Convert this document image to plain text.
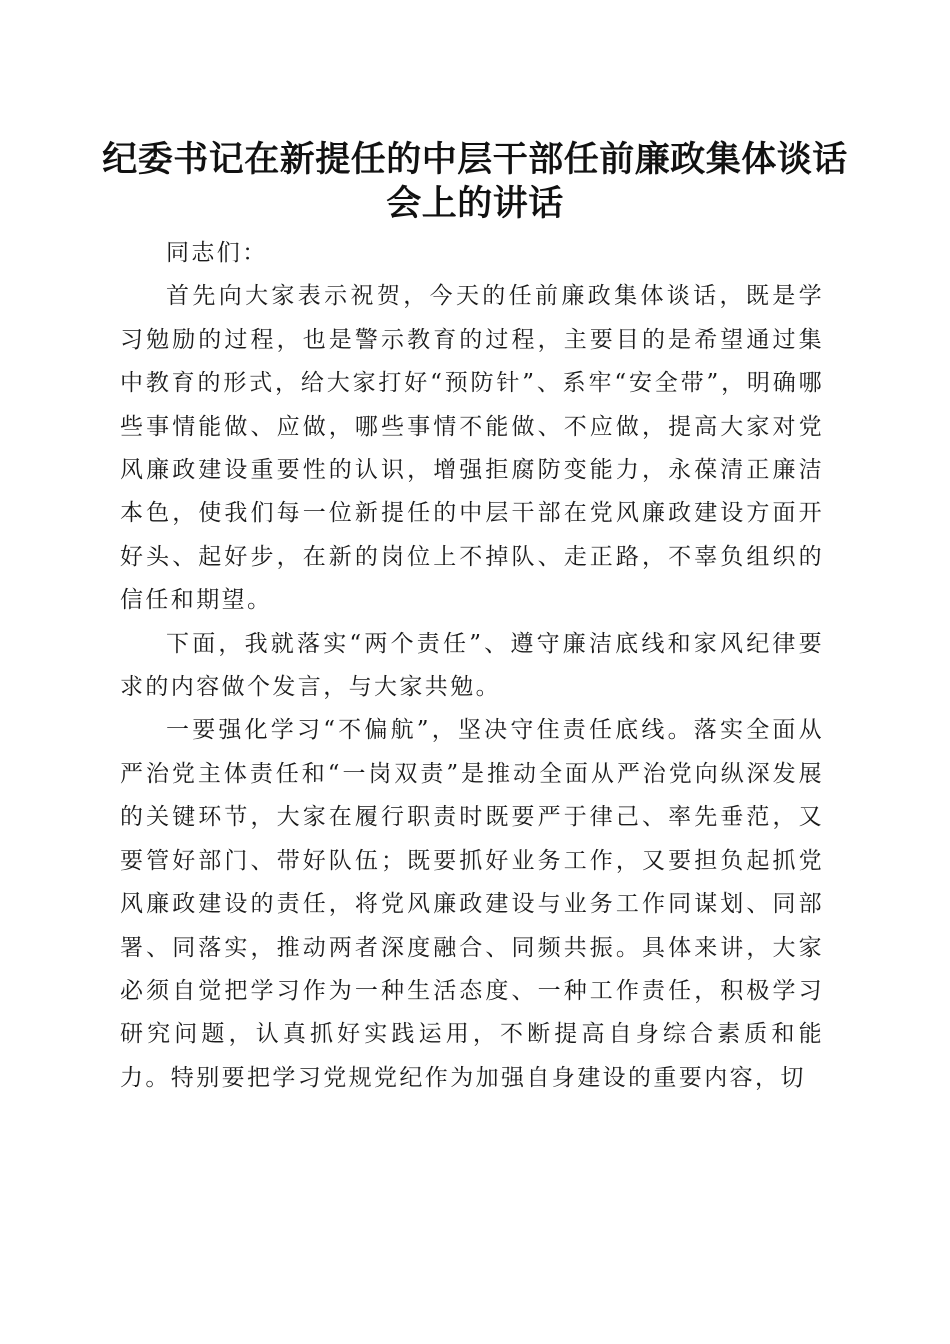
纪委书记在新提任的中层干部任前廉政集体谈话会上的讲话

同志们：

首先向大家表示祝贺，今天的任前廉政集体谈话，既是学习勉励的过程，也是警示教育的过程，主要目的是希望通过集中教育的形式，给大家打好“预防针”、系牢“安全带”，明确哪些事情能做、应做，哪些事情不能做、不应做，提高大家对党风廉政建设重要性的认识，增强拒腐防变能力，永葆清正廉洁本色，使我们每一位新提任的中层干部在党风廉政建设方面开好头、起好步，在新的岗位上不掉队、走正路，不辜负组织的信任和期望。

下面，我就落实“两个责任”、遵守廉洁底线和家风纪律要求的内容做个发言，与大家共勉。

一要强化学习“不偏航”，坚决守住责任底线。落实全面从严治党主体责任和“一岗双责”是推动全面从严治党向纵深发展的关键环节，大家在履行职责时既要严于律己、率先垂范，又要管好部门、带好队伍；既要抓好业务工作，又要担负起抓党风廉政建设的责任，将党风廉政建设与业务工作同谋划、同部署、同落实，推动两者深度融合、同频共振。具体来讲，大家必须自觉把学习作为一种生活态度、一种工作责任，积极学习研究问题，认真抓好实践运用，不断提高自身综合素质和能力。特别要把学习党规党纪作为加强自身建设的重要内容，切
